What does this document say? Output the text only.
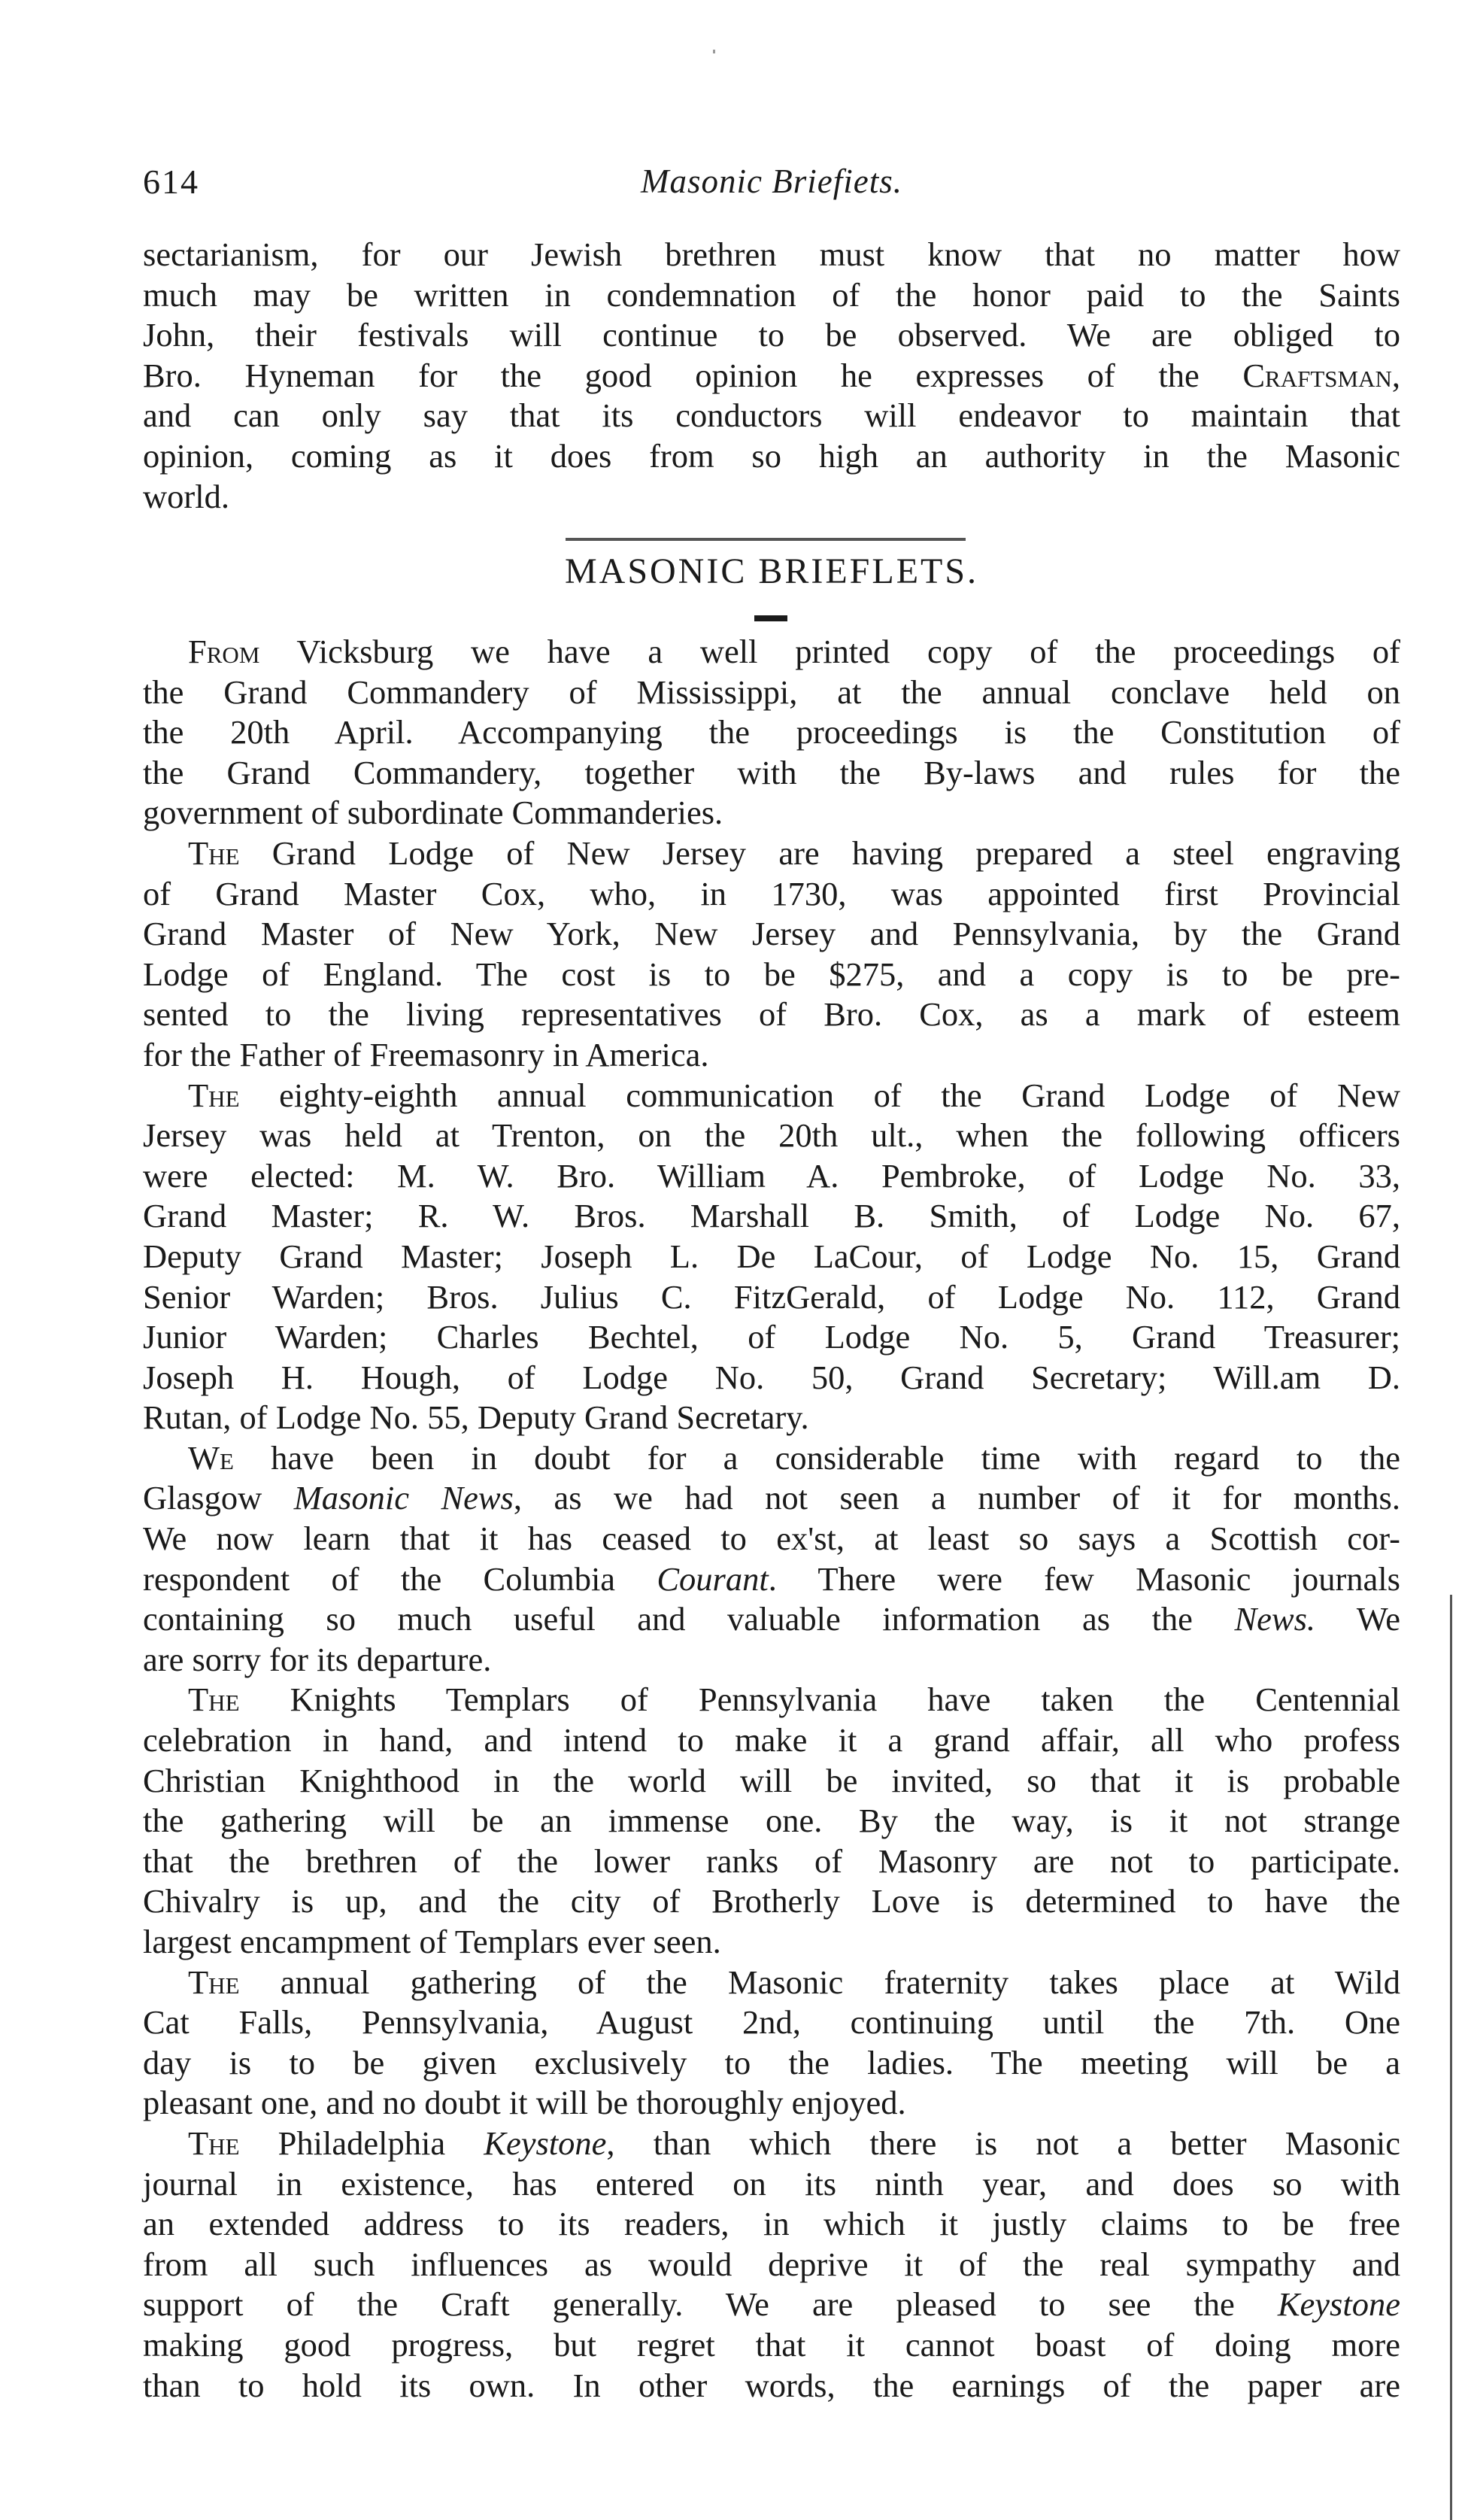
614	Masonic Briefiets.
sectarianism, for our Jewish brethren must know that no matter how
much may be written in condemnation of the honor paid to the Saints
John, their festivals will continue to be observed. We are obliged to
Bro. Hyneman for the good opinion he expresses of the Craftsman,
and can only say that its conductors will endeavor to maintain that
opinion, coming as it does from so high an authority in the Masonic
world.
MASONIC BRIEFLETS.
From Vicksburg we have a well printed copy of the proceedings of
the Grand Commandery of Mississippi, at the annual conclave held on
the 20th April. Accompanying the proceedings is the Constitution of
the Grand Commandery, together with the By-laws and rules for the
government of subordinate Commanderies.
The Grand Lodge of New Jersey are having prepared a steel engraving
of Grand Master Cox, who, in 1730, was appointed first Provincial
Grand Master of New York, New Jersey and Pennsylvania, by the Grand
Lodge of England. The cost is to be $275, and a copy is to be pre-
sented to the living representatives of Bro. Cox, as a mark of esteem
for the Father of Freemasonry in America.
The eighty-eighth annual communication of the Grand Lodge of New
Jersey was held at Trenton, on the 20th ult., when the following officers
were elected: M. W. Bro. William A. Pembroke, of Lodge No. 33,
Grand Master; R. W. Bros. Marshall B. Smith, of Lodge No. 67,
Deputy Grand Master; Joseph L. De LaCour, of Lodge No. 15, Grand
Senior Warden; Bros. Julius C. FitzGerald, of Lodge No. 112, Grand
Junior Warden; Charles Bechtel, of Lodge No. 5, Grand Treasurer;
Joseph H. Hough, of Lodge No. 50, Grand Secretary; Will.am D.
Rutan, of Lodge No. 55, Deputy Grand Secretary.
We have been in doubt for a considerable time with regard to the
Glasgow Masonic News, as we had not seen a number of it for months.
We now learn that it has ceased to ex'st, at least so says a Scottish cor-
respondent of the Columbia Courant. There were few Masonic journals
containing so much useful and valuable information as the News. We
are sorry for its departure.
The Knights Templars of Pennsylvania have taken the Centennial
celebration in hand, and intend to make it a grand affair, all who profess
Christian Knighthood in the world will be invited, so that it is probable
the gathering will be an immense one. By the way, is it not strange
that the brethren of the lower ranks of Masonry are not to participate.
Chivalry is up, and the city of Brotherly Love is determined to have the
largest encampment of Templars ever seen.
The annual gathering of the Masonic fraternity takes place at Wild
Cat Falls, Pennsylvania, August 2nd, continuing until the 7th. One
day is to be given exclusively to the ladies. The meeting will be a
pleasant one, and no doubt it will be thoroughly enjoyed.
The Philadelphia Keystone, than which there is not a better Masonic
journal in existence, has entered on its ninth year, and does so with
an extended address to its readers, in which it justly claims to be free
from all such influences as would deprive it of the real sympathy and
support of the Craft generally. We are pleased to see the Keystone
making good progress, but regret that it cannot boast of doing more
than to hold its own. In other words, the earnings of the paper are
